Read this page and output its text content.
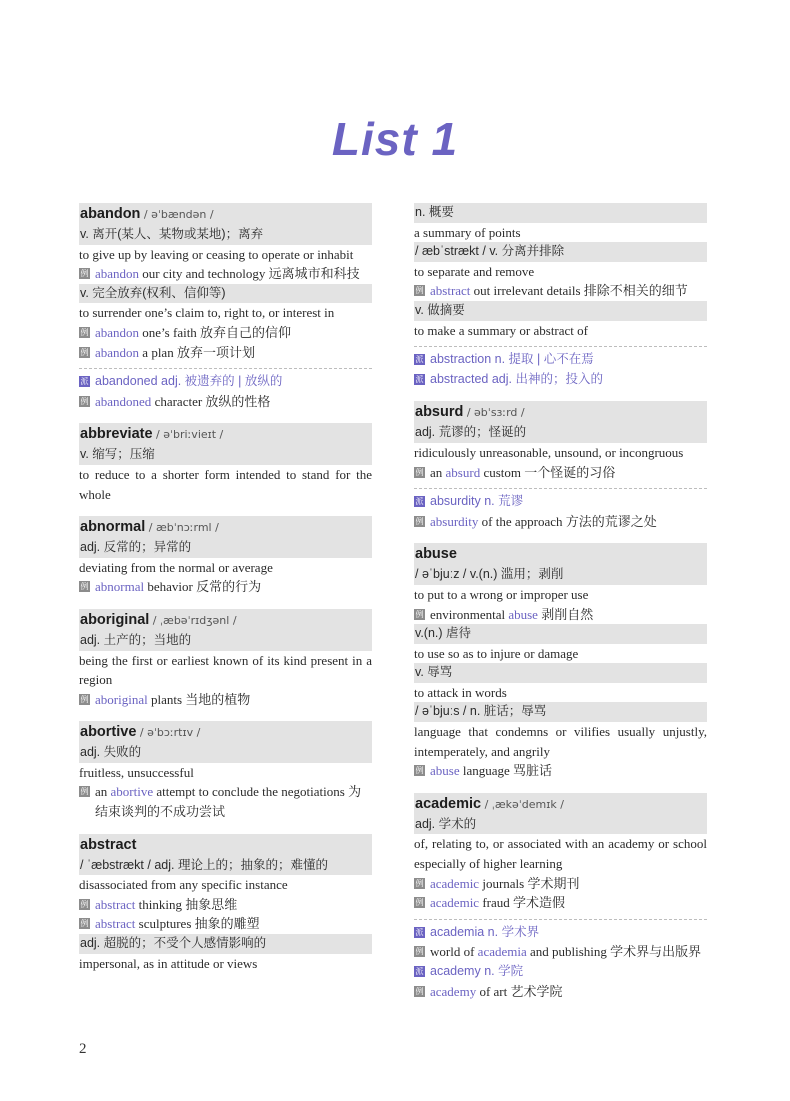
List 1
abandon / əˈbændən /
v. 离开(某人、某物或某地)；离弃
to give up by leaving or ceasing to operate or inhabit
例 abandon our city and technology 远离城市和科技
v. 完全放弃(权利、信仰等)
to surrender one’s claim to, right to, or interest in
例 abandon one’s faith 放弃自己的信仰
例 abandon a plan 放弃一项计划
派 abandoned adj. 被遗弃的 | 放纵的
例 abandoned character 放纵的性格
abbreviate / əˈbriːvieɪt /
v. 缩写；压缩
to reduce to a shorter form intended to stand for the whole
abnormal / æbˈnɔːrml /
adj. 反常的；异常的
deviating from the normal or average
例 abnormal behavior 反常的行为
aboriginal / ˌæbəˈrɪdʒənl /
adj. 土产的；当地的
being the first or earliest known of its kind present in a region
例 aboriginal plants 当地的植物
abortive / əˈbɔːrtɪv /
adj. 失败的
fruitless, unsuccessful
例 an abortive attempt to conclude the negotiations 为结束谈判的不成功尝试
abstract
/ ˈæbstrækt / adj. 理论上的；抽象的；难懂的
disassociated from any specific instance
例 abstract thinking 抽象思维
例 abstract sculptures 抽象的雕塑
adj. 超脱的；不受个人感情影响的
impersonal, as in attitude or views
n. 概要
a summary of points
/ æbˈstrækt / v. 分离并排除
to separate and remove
例 abstract out irrelevant details 排除不相关的细节
v. 做摘要
to make a summary or abstract of
派 abstraction n. 提取 | 心不在焉
派 abstracted adj. 出神的；投入的
absurd / əbˈsɜːrd /
adj. 荒谬的；怪诞的
ridiculously unreasonable, unsound, or incongruous
例 an absurd custom 一个怪诞的习俗
派 absurdity n. 荒谬
例 absurdity of the approach 方法的荒谬之处
abuse
/ əˈbjuːz / v.(n.) 滥用；剥削
to put to a wrong or improper use
例 environmental abuse 剥削自然
v.(n.) 虐待
to use so as to injure or damage
v. 辱骂
to attack in words
/ əˈbjuːs / n. 脏话；辱骂
language that condemns or vilifies usually unjustly, intemperately, and angrily
例 abuse language 骂脏话
academic / ˌækəˈdemɪk /
adj. 学术的
of, relating to, or associated with an academy or school especially of higher learning
例 academic journals 学术期刊
例 academic fraud 学术造假
派 academia n. 学术界
例 world of academia and publishing 学术界与出版界
派 academy n. 学院
例 academy of art 艺术学院
2
